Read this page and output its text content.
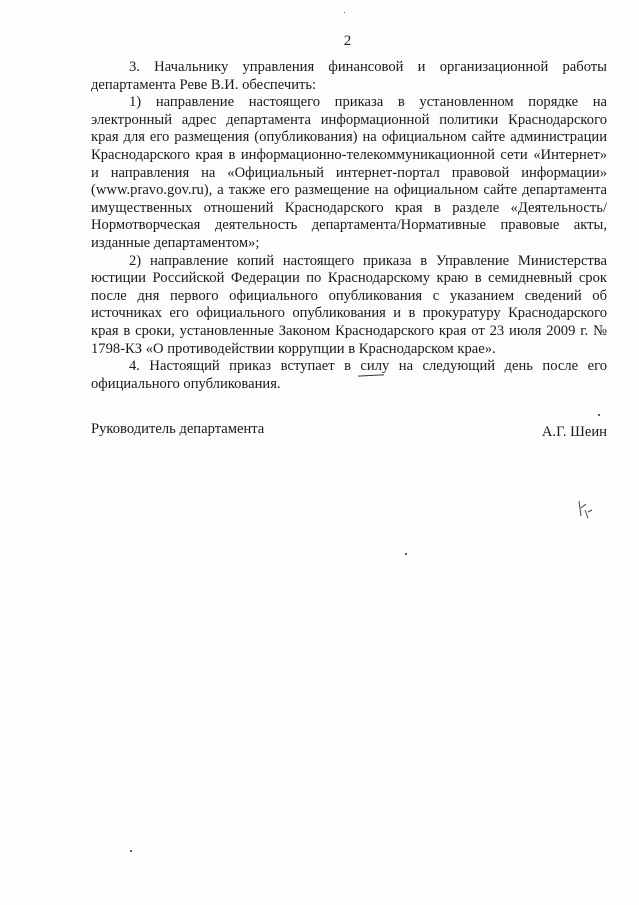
2

3. Начальнику управления финансовой и организационной работы департамента Реве В.И. обеспечить:

1) направление настоящего приказа в установленном порядке на электронный адрес департамента информационной политики Краснодарского края для его размещения (опубликования) на официальном сайте администрации Краснодарского края в информационно-телекоммуникационной сети «Интернет» и направления на «Официальный интернет-портал правовой информации» (www.pravo.gov.ru), а также его размещение на официальном сайте департамента имущественных отношений Краснодарского края в разделе «Деятельность/Нормотворческая деятельность департамента/Нормативные правовые акты, изданные департаментом»;

2) направление копий настоящего приказа в Управление Министерства юстиции Российской Федерации по Краснодарскому краю в семидневный срок после дня первого официального опубликования с указанием сведений об источниках его официального опубликования и в прокуратуру Краснодарского края в сроки, установленные Законом Краснодарского края от 23 июля 2009 г. № 1798-КЗ «О противодействии коррупции в Краснодарском крае».

4. Настоящий приказ вступает в силу на следующий день после его официального опубликования.

Руководитель департамента	А.Г. Шеин
